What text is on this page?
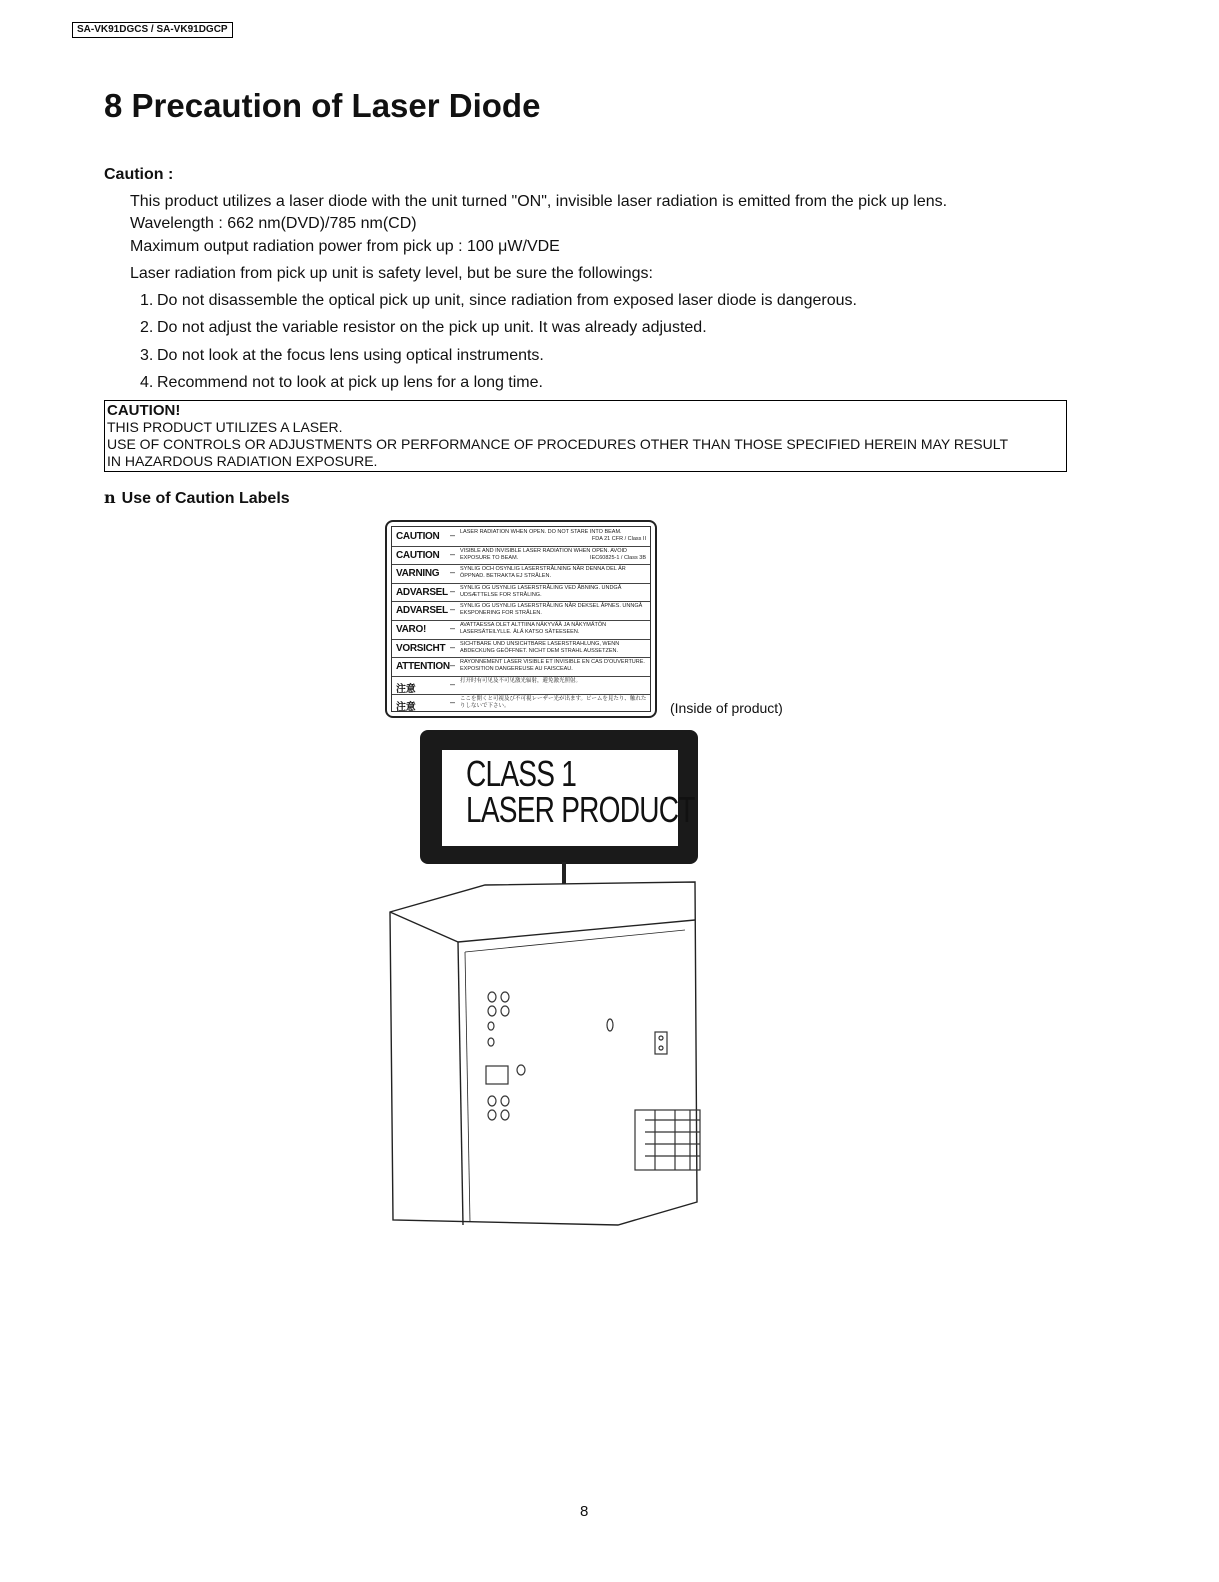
SA-VK91DGCS / SA-VK91DGCP
8 Precaution of Laser Diode
Caution :
This product utilizes a laser diode with the unit turned "ON", invisible laser radiation is emitted from the pick up lens.
Wavelength : 662 nm(DVD)/785 nm(CD)
Maximum output radiation power from pick up : 100 μW/VDE
Laser radiation from pick up unit is safety level, but be sure the followings:
1. Do not disassemble the optical pick up unit, since radiation from exposed laser diode is dangerous.
2. Do not adjust the variable resistor on the pick up unit. It was already adjusted.
3. Do not look at the focus lens using optical instruments.
4. Recommend not to look at pick up lens for a long time.
CAUTION!
THIS PRODUCT UTILIZES A LASER.
USE OF CONTROLS OR ADJUSTMENTS OR PERFORMANCE OF PROCEDURES OTHER THAN THOSE SPECIFIED HEREIN MAY RESULT
IN HAZARDOUS RADIATION EXPOSURE.
n Use of Caution Labels
CAUTION – LASER RADIATION WHEN OPEN. DO NOT STARE INTO BEAM.
FDA 21 CFR / Class II
CAUTION – VISIBLE AND INVISIBLE LASER RADIATION WHEN OPEN. AVOID EXPOSURE TO BEAM.	IEC60825-1 / Class 3B
VARNING – SYNLIG OCH OSYNLIG LASERSTRÅLNING NÄR DENNA DEL ÄR ÖPPNAD. BETRAKTA EJ STRÅLEN.
ADVARSEL – SYNLIG OG USYNLIG LASERSTRÅLING VED ÅBNING. UNDGÅ UDSÆTTELSE FOR STRÅLING.
ADVARSEL – SYNLIG OG USYNLIG LASERSTRÅLING NÅR DEKSEL ÅPNES. UNNGÅ EKSPONERING FOR STRÅLEN.
VARO!	– AVATTAESSA OLET ALTTIINA NÄKYVÄÄ JA NÄKYMÄTÖN LASERSÄTEILYLLE. ÄLÄ KATSO SÄTEESEEN.
VORSICHT – SICHTBARE UND UNSICHTBARE LASERSTRAHLUNG, WENN ABDECKUNG GEÖFFNET. NICHT DEM STRAHL AUSSETZEN.
ATTENTION – RAYONNEMENT LASER VISIBLE ET INVISIBLE EN CAS D'OUVERTURE. EXPOSITION DANGEREUSE AU FAISCEAU.
注意	– 打开时有可见及不可见激光辐射，避免激光照射。
注意	– ここを開くと可視及び不可視レーザー光が出ます。ビームを見たり、触れたりしないで下さい。	(Inside of product)
CLASS 1
LASER PRODUCT
8
